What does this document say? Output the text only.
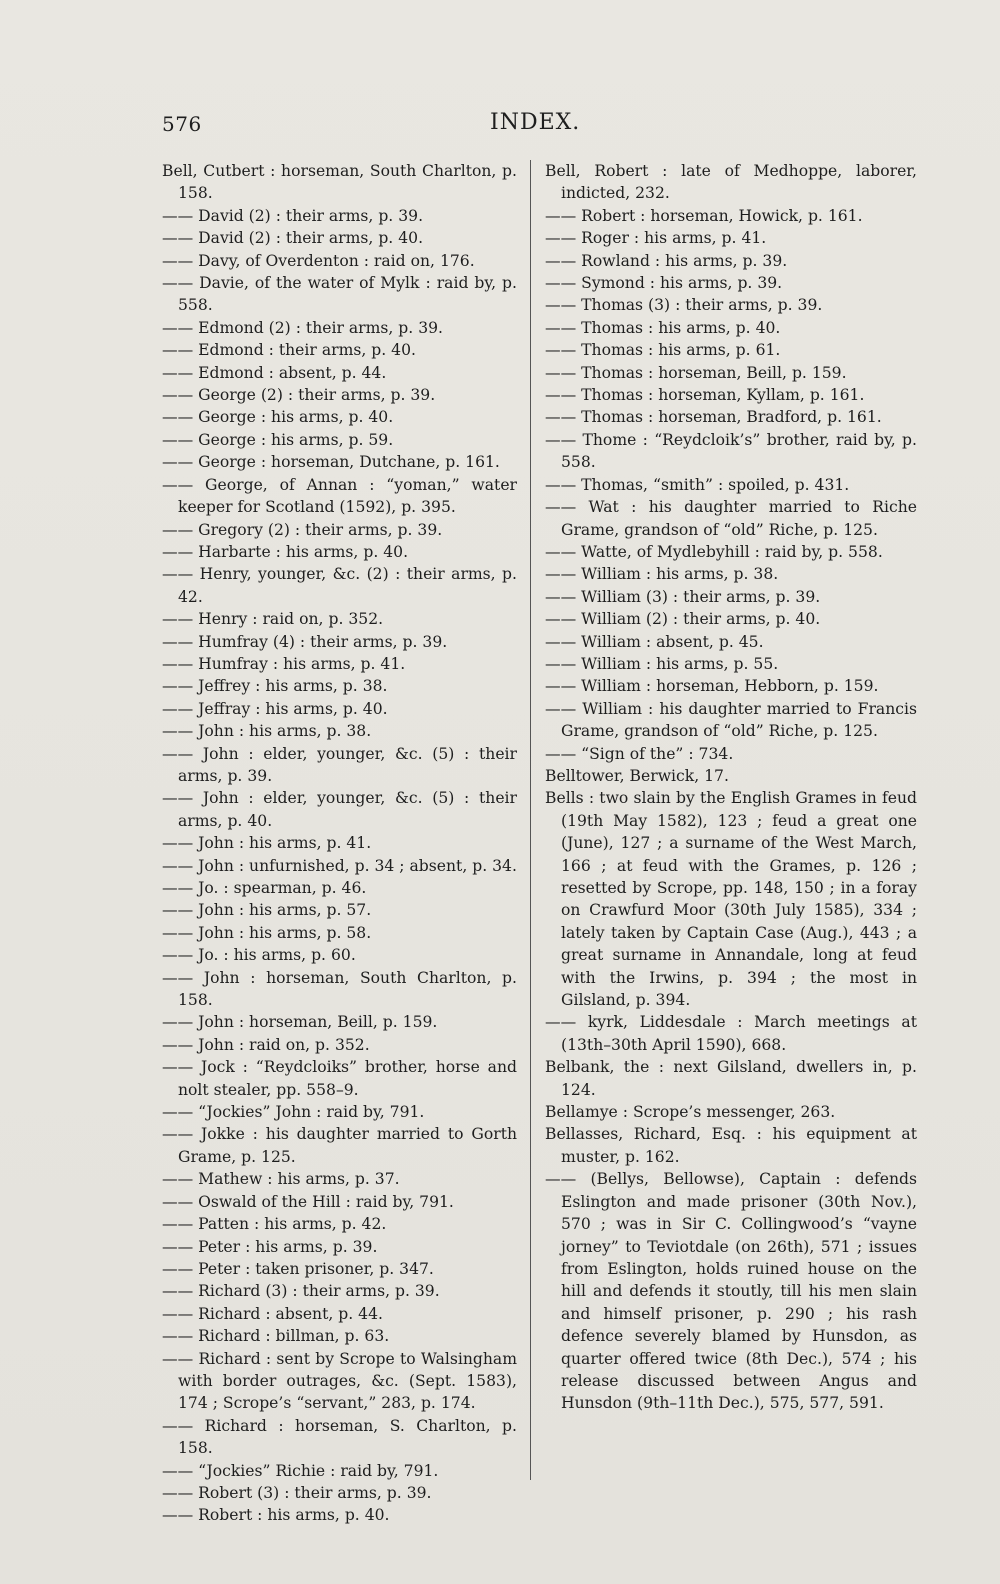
576	INDEX.

Bell, Cutbert : horseman, South Charlton, p. 158.

—— David (2) : their arms, p. 39.

—— David (2) : their arms, p. 40.

—— Davy, of Overdenton : raid on, 176.

—— Davie, of the water of Mylk : raid by, p. 558.

—— Edmond (2) : their arms, p. 39.

—— Edmond : their arms, p. 40.

—— Edmond : absent, p. 44.

—— George (2) : their arms, p. 39.

—— George : his arms, p. 40.

—— George : his arms, p. 59.

—— George : horseman, Dutchane, p. 161.

—— George, of Annan : “yoman,” water keeper for Scotland (1592), p. 395.

—— Gregory (2) : their arms, p. 39.

—— Harbarte : his arms, p. 40.

—— Henry, younger, &c. (2) : their arms, p. 42.

—— Henry : raid on, p. 352.

—— Humfray (4) : their arms, p. 39.

—— Humfray : his arms, p. 41.

—— Jeffrey : his arms, p. 38.

—— Jeffray : his arms, p. 40.

—— John : his arms, p. 38.

—— John : elder, younger, &c. (5) : their arms, p. 39.

—— John : elder, younger, &c. (5) : their arms, p. 40.

—— John : his arms, p. 41.

—— John : unfurnished, p. 34 ; absent, p. 34.

—— Jo. : spearman, p. 46.

—— John : his arms, p. 57.

—— John : his arms, p. 58.

—— Jo. : his arms, p. 60.

—— John : horseman, South Charlton, p. 158.

—— John : horseman, Beill, p. 159.

—— John : raid on, p. 352.

—— Jock : “Reydcloiks” brother, horse and nolt stealer, pp. 558–9.

—— “Jockies” John : raid by, 791.

—— Jokke : his daughter married to Gorth Grame, p. 125.

—— Mathew : his arms, p. 37.

—— Oswald of the Hill : raid by, 791.

—— Patten : his arms, p. 42.

—— Peter : his arms, p. 39.

—— Peter : taken prisoner, p. 347.

—— Richard (3) : their arms, p. 39.

—— Richard : absent, p. 44.

—— Richard : billman, p. 63.

—— Richard : sent by Scrope to Walsingham with border outrages, &c. (Sept. 1583), 174 ; Scrope’s “servant,” 283, p. 174.

—— Richard : horseman, S. Charlton, p. 158.

—— “Jockies” Richie : raid by, 791.

—— Robert (3) : their arms, p. 39.

—— Robert : his arms, p. 40.

Bell, Robert : late of Medhoppe, laborer, indicted, 232.

—— Robert : horseman, Howick, p. 161.

—— Roger : his arms, p. 41.

—— Rowland : his arms, p. 39.

—— Symond : his arms, p. 39.

—— Thomas (3) : their arms, p. 39.

—— Thomas : his arms, p. 40.

—— Thomas : his arms, p. 61.

—— Thomas : horseman, Beill, p. 159.

—— Thomas : horseman, Kyllam, p. 161.

—— Thomas : horseman, Bradford, p. 161.

—— Thome : “Reydcloik’s” brother, raid by, p. 558.

—— Thomas, “smith” : spoiled, p. 431.

—— Wat : his daughter married to Riche Grame, grandson of “old” Riche, p. 125.

—— Watte, of Mydlebyhill : raid by, p. 558.

—— William : his arms, p. 38.

—— William (3) : their arms, p. 39.

—— William (2) : their arms, p. 40.

—— William : absent, p. 45.

—— William : his arms, p. 55.

—— William : horseman, Hebborn, p. 159.

—— William : his daughter married to Francis Grame, grandson of “old” Riche, p. 125.

—— “Sign of the” : 734.

Belltower, Berwick, 17.

Bells : two slain by the English Grames in feud (19th May 1582), 123 ; feud a great one (June), 127 ; a surname of the West March, 166 ; at feud with the Grames, p. 126 ; resetted by Scrope, pp. 148, 150 ; in a foray on Crawfurd Moor (30th July 1585), 334 ; lately taken by Captain Case (Aug.), 443 ; a great surname in Annandale, long at feud with the Irwins, p. 394 ; the most in Gilsland, p. 394.

—— kyrk, Liddesdale : March meetings at (13th–30th April 1590), 668.

Belbank, the : next Gilsland, dwellers in, p. 124.

Bellamye : Scrope’s messenger, 263.

Bellasses, Richard, Esq. : his equipment at muster, p. 162.

—— (Bellys, Bellowse), Captain : defends Eslington and made prisoner (30th Nov.), 570 ; was in Sir C. Collingwood’s “vayne jorney” to Teviotdale (on 26th), 571 ; issues from Eslington, holds ruined house on the hill and defends it stoutly, till his men slain and himself prisoner, p. 290 ; his rash defence severely blamed by Hunsdon, as quarter offered twice (8th Dec.), 574 ; his release discussed between Angus and Hunsdon (9th–11th Dec.), 575, 577, 591.
